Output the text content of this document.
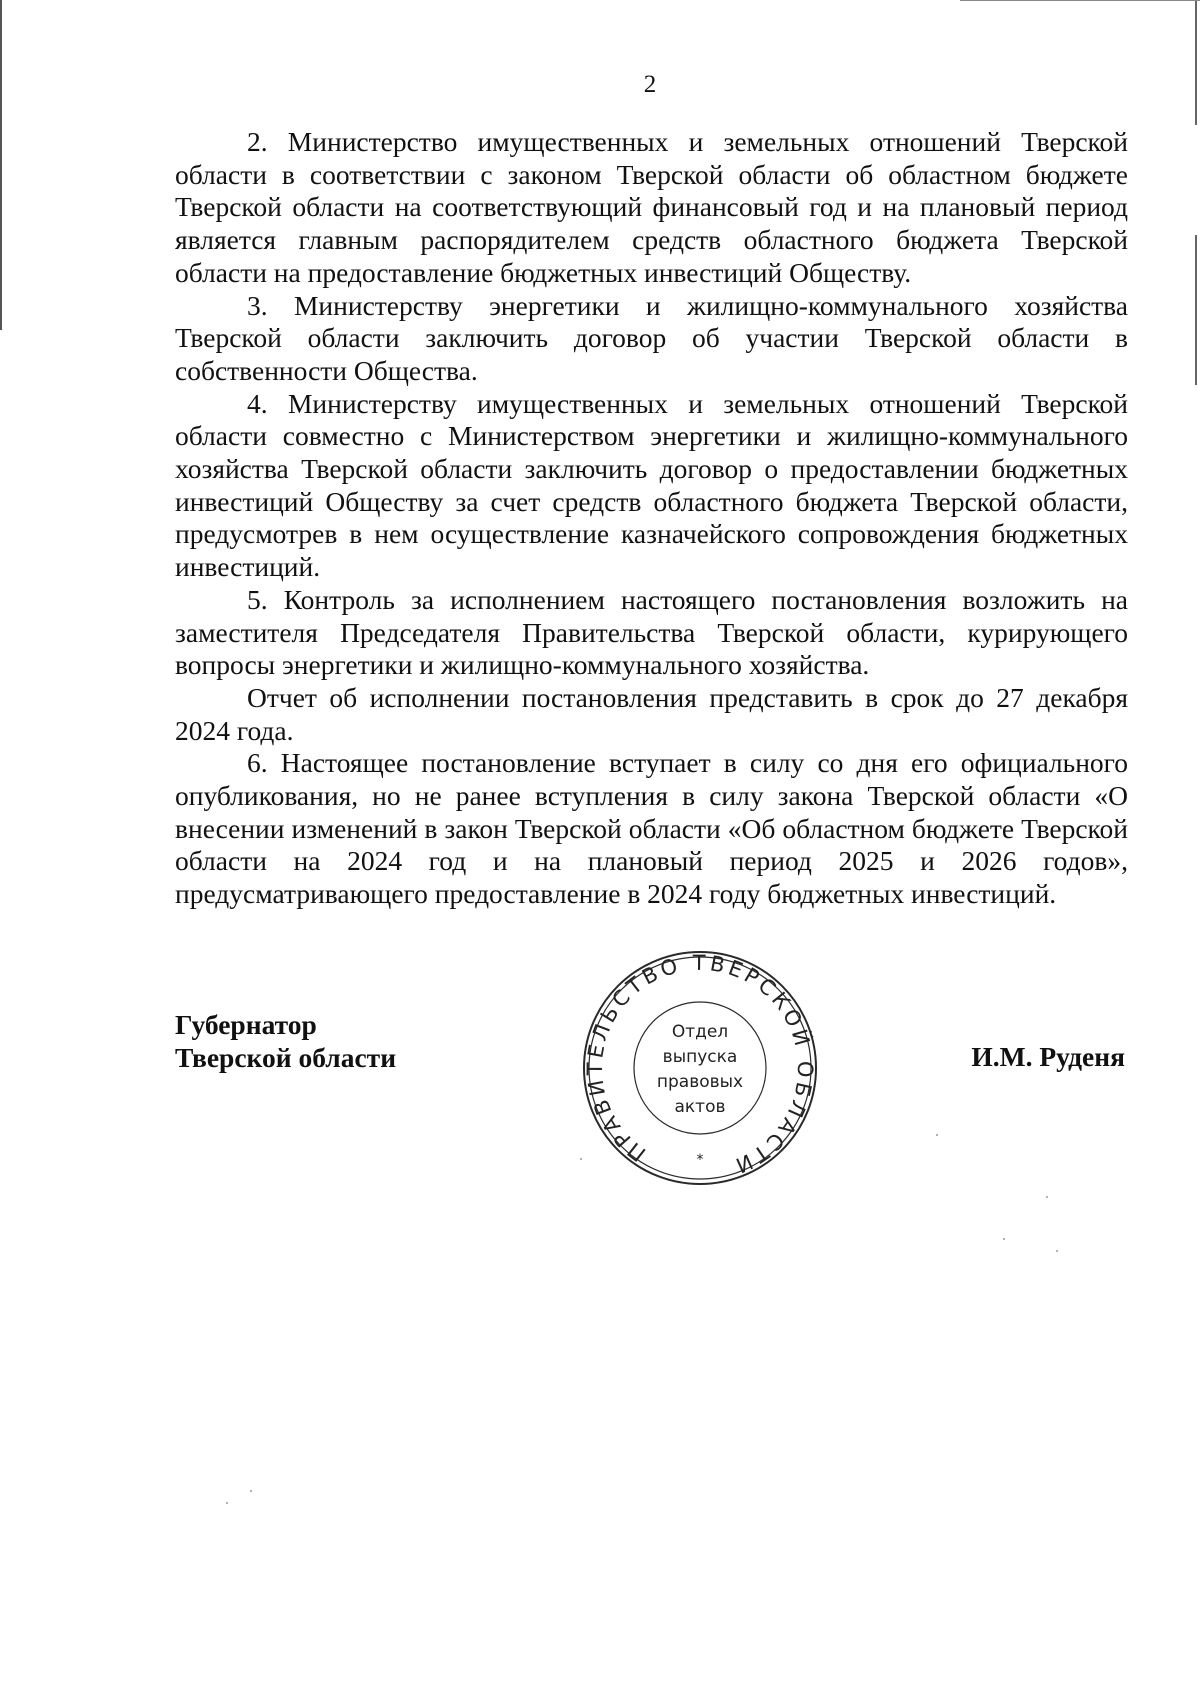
2

2. Министерство имущественных и земельных отношений Тверской области в соответствии с законом Тверской области об областном бюджете Тверской области на соответствующий финансовый год и на плановый период является главным распорядителем средств областного бюджета Тверской области на предоставление бюджетных инвестиций Обществу.

3. Министерству энергетики и жилищно-коммунального хозяйства Тверской области заключить договор об участии Тверской области в собственности Общества.

4. Министерству имущественных и земельных отношений Тверской области совместно с Министерством энергетики и жилищно-коммунального хозяйства Тверской области заключить договор о предоставлении бюджетных инвестиций Обществу за счет средств областного бюджета Тверской области, предусмотрев в нем осуществление казначейского сопровождения бюджетных инвестиций.

5. Контроль за исполнением настоящего постановления возложить на заместителя Председателя Правительства Тверской области, курирующего вопросы энергетики и жилищно-коммунального хозяйства.

Отчет об исполнении постановления представить в срок до 27 декабря 2024 года.

6. Настоящее постановление вступает в силу со дня его официального опубликования, но не ранее вступления в силу закона Тверской области «О внесении изменений в закон Тверской области «Об областном бюджете Тверской области на 2024 год и на плановый период 2025 и 2026 годов», предусматривающего предоставление в 2024 году бюджетных инвестиций.

Губернатор
Тверской области	И.М. Руденя
ПРАВИТЕЛЬСТВО ТВЕРСКОЙ ОБЛАСТИ
Отдел
выпуска
правовых
актов
*
